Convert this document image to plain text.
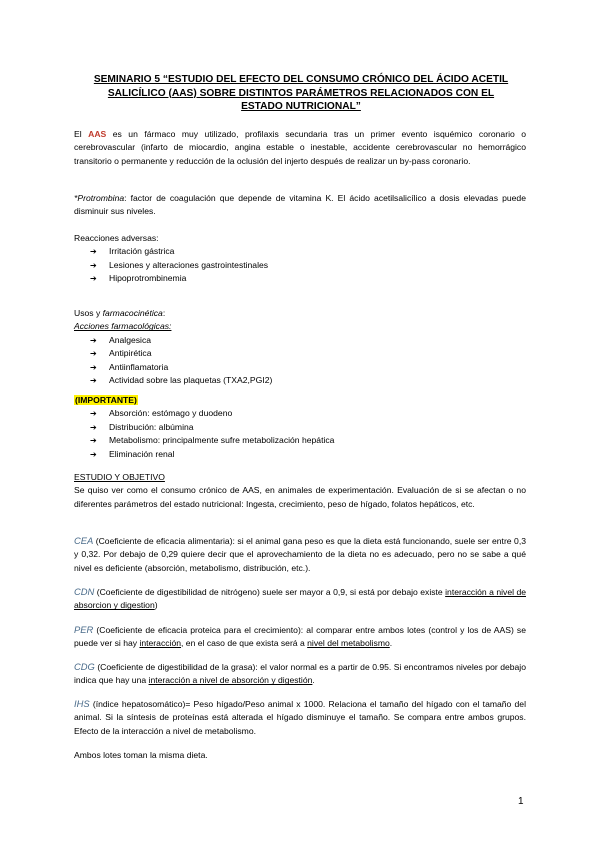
SEMINARIO 5 “ESTUDIO DEL EFECTO DEL CONSUMO CRÓNICO DEL ÁCIDO ACETIL
SALICÍLICO (AAS) SOBRE DISTINTOS PARÁMETROS RELACIONADOS CON EL
ESTADO NUTRICIONAL”
El AAS es un fármaco muy utilizado, profilaxis secundaria tras un primer evento isquémico coronario o cerebrovascular (infarto de miocardio, angina estable o inestable, accidente cerebrovascular no hemorrágico transitorio o permanente y reducción de la oclusión del injerto después de realizar un by-pass coronario.
*Protrombina: factor de coagulación que depende de vitamina K. El ácido acetilsalicílico a dosis elevadas puede disminuir sus niveles.
Reacciones adversas:
➔ Irritación gástrica
➔ Lesiones y alteraciones gastrointestinales
➔ Hipoprotrombinemia
Usos y farmacocinética:
Acciones farmacológicas:
➔ Analgesica
➔ Antipirética
➔ Antiinflamatoria
➔ Actividad sobre las plaquetas (TXA2,PGI2)
(IMPORTANTE)
➔ Absorción: estómago y duodeno
➔ Distribución: albúmina
➔ Metabolismo: principalmente sufre metabolización hepática
➔ Eliminación renal
ESTUDIO Y OBJETIVO
Se quiso ver como el consumo crónico de AAS, en animales de experimentación. Evaluación de si se afectan o no diferentes parámetros del estado nutricional: Ingesta, crecimiento, peso de hígado, folatos hepáticos, etc.
CEA (Coeficiente de eficacia alimentaria): si el animal gana peso es que la dieta está funcionando, suele ser entre 0,3 y 0,32. Por debajo de 0,29 quiere decir que el aprovechamiento de la dieta no es adecuado, pero no se sabe a qué nivel es deficiente (absorción, metabolismo, distribución, etc.).
CDN (Coeficiente de digestibilidad de nitrógeno) suele ser mayor a 0,9, si está por debajo existe interacción a nivel de absorcion y digestion)
PER (Coeficiente de eficacia proteica para el crecimiento): al comparar entre ambos lotes (control y los de AAS) se puede ver si hay interacción, en el caso de que exista será a nivel del metabolismo.
CDG (Coeficiente de digestibilidad de la grasa): el valor normal es a partir de 0.95. Si encontramos niveles por debajo indica que hay una interacción a nivel de absorción y digestión.
IHS (índice hepatosomático)= Peso hígado/Peso animal x 1000. Relaciona el tamaño del hígado con el tamaño del animal. Si la síntesis de proteínas está alterada el hígado disminuye el tamaño. Se compara entre ambos grupos. Efecto de la interacción a nivel de metabolismo.
Ambos lotes toman la misma dieta.
1
